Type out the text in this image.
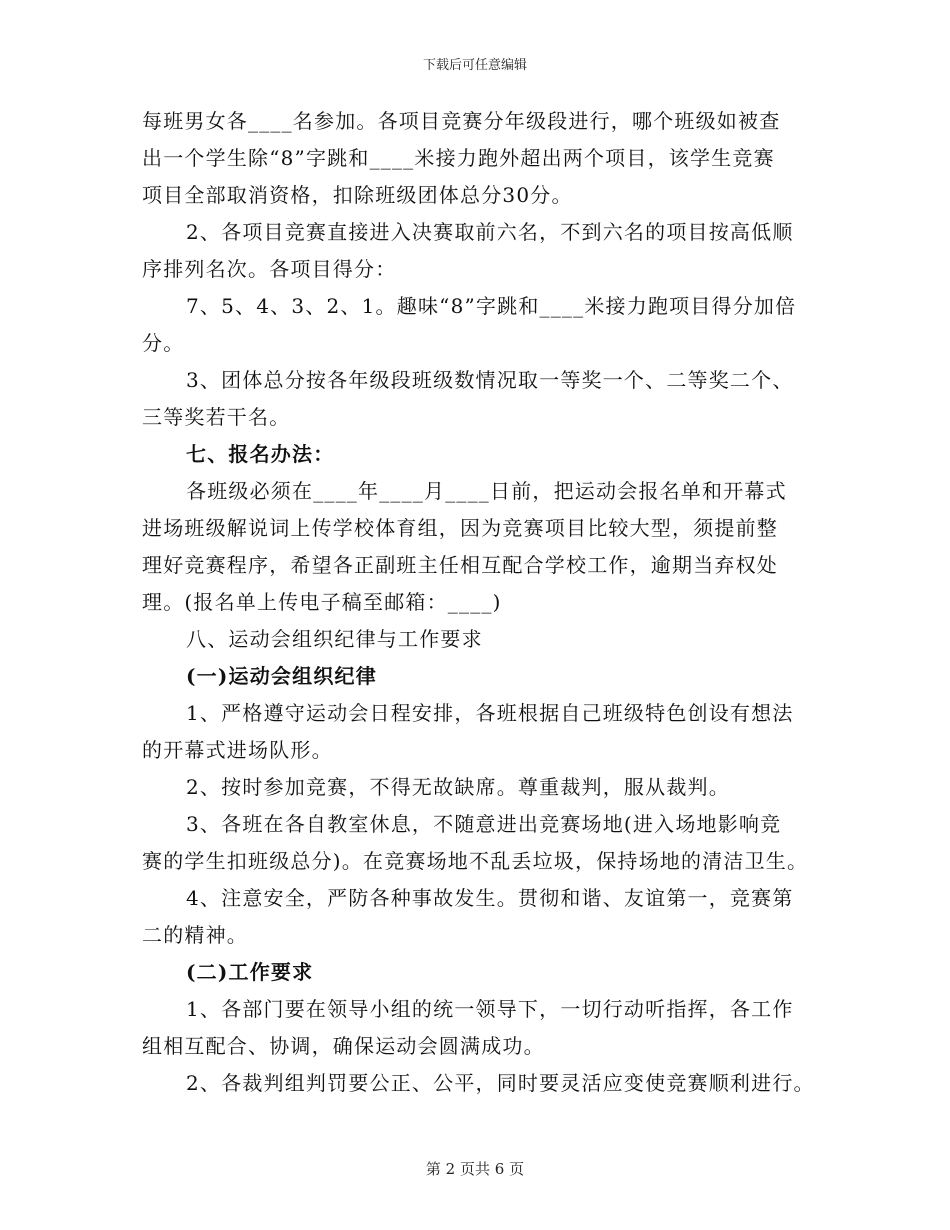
下载后可任意编辑
每班男女各____名参加。各项目竞赛分年级段进行，哪个班级如被查
出一个学生除“8”字跳和____米接力跑外超出两个项目，该学生竞赛
项目全部取消资格，扣除班级团体总分30分。
2、各项目竞赛直接进入决赛取前六名，不到六名的项目按高低顺
序排列名次。各项目得分：
7、5、4、3、2、1。趣味“8”字跳和____米接力跑项目得分加倍
分。
3、团体总分按各年级段班级数情况取一等奖一个、二等奖二个、
三等奖若干名。
七、报名办法：
各班级必须在____年____月____日前，把运动会报名单和开幕式
进场班级解说词上传学校体育组，因为竞赛项目比较大型，须提前整
理好竞赛程序，希望各正副班主任相互配合学校工作，逾期当弃权处
理。(报名单上传电子稿至邮箱：____)
八、运动会组织纪律与工作要求
(一)运动会组织纪律
1、严格遵守运动会日程安排，各班根据自己班级特色创设有想法
的开幕式进场队形。
2、按时参加竞赛，不得无故缺席。尊重裁判，服从裁判。
3、各班在各自教室休息，不随意进出竞赛场地(进入场地影响竞
赛的学生扣班级总分)。在竞赛场地不乱丢垃圾，保持场地的清洁卫生。
4、注意安全，严防各种事故发生。贯彻和谐、友谊第一，竞赛第
二的精神。
(二)工作要求
1、各部门要在领导小组的统一领导下，一切行动听指挥，各工作
组相互配合、协调，确保运动会圆满成功。
2、各裁判组判罚要公正、公平，同时要灵活应变使竞赛顺利进行。
第 2 页共 6 页
